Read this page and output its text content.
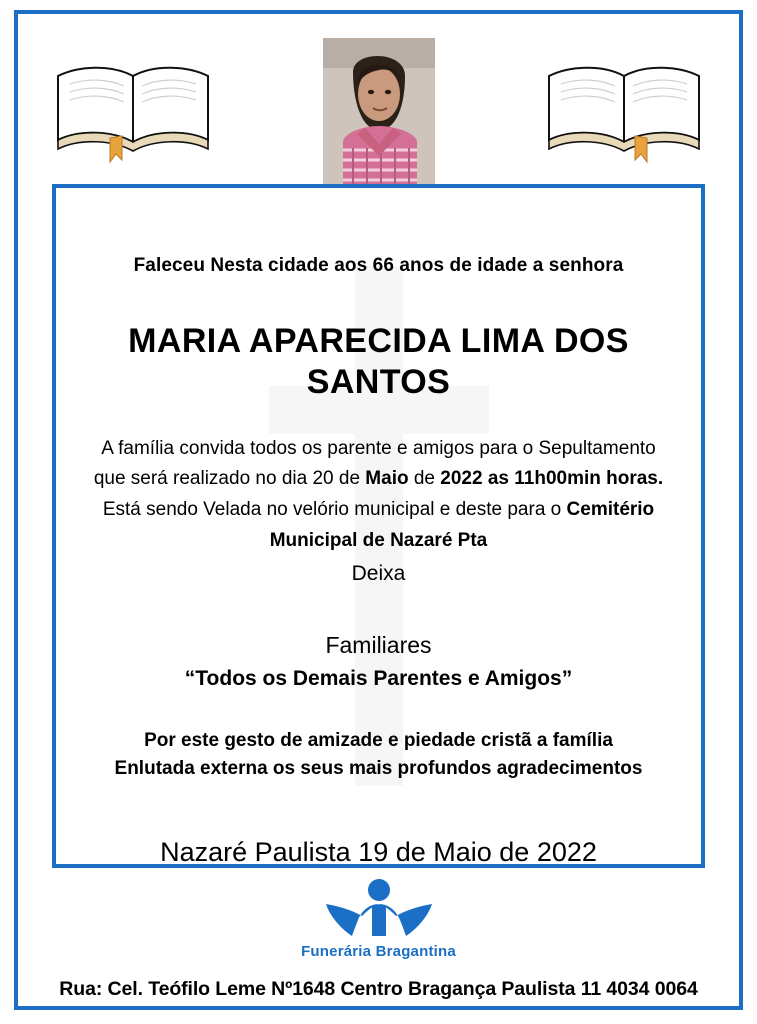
Faleceu Nesta cidade aos 66 anos de idade a senhora
MARIA APARECIDA LIMA DOS SANTOS
A família convida todos os parente e amigos para o Sepultamento que será realizado no dia 20 de Maio de 2022 as 11h00min horas. Está sendo Velada no velório municipal e deste para o Cemitério Municipal de Nazaré Pta
Deixa
Familiares
“Todos os Demais Parentes e Amigos”
Por este gesto de amizade e piedade cristã a família
Enlutada externa os seus mais profundos agradecimentos
Nazaré Paulista 19 de Maio de 2022
Funerária Bragantina
Rua: Cel. Teófilo Leme Nº1648 Centro Bragança Paulista 11 4034 0064
